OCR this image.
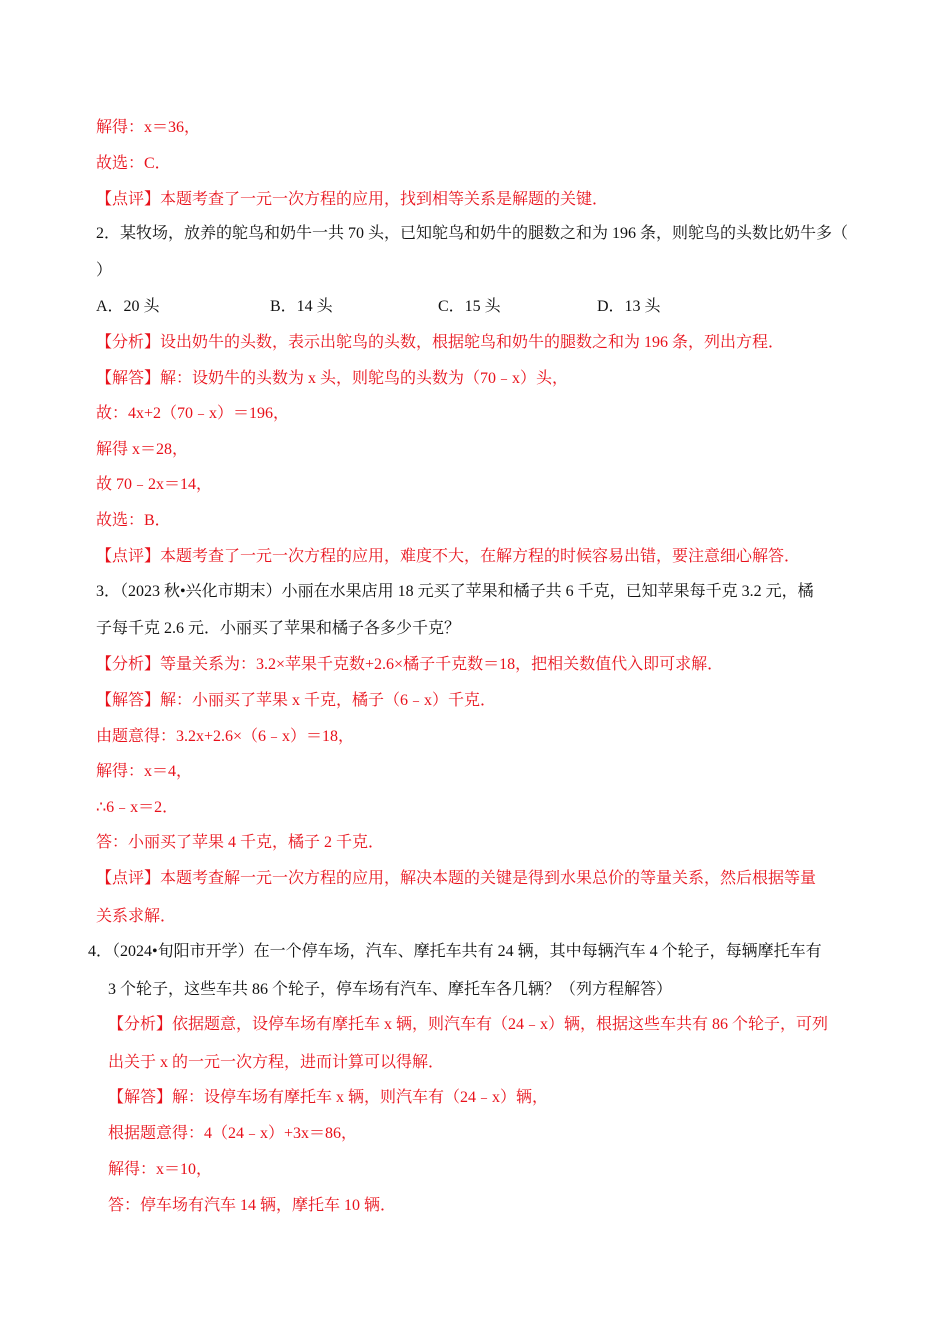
解得：x＝36，
故选：C．
【点评】本题考查了一元一次方程的应用，找到相等关系是解题的关键．
2．某牧场，放养的鸵鸟和奶牛一共 70 头，已知鸵鸟和奶牛的腿数之和为 196 条，则鸵鸟的头数比奶牛多（
）
A．20 头	B．14 头	C．15 头	D．13 头
【分析】设出奶牛的头数，表示出鸵鸟的头数，根据鸵鸟和奶牛的腿数之和为 196 条，列出方程．
【解答】解：设奶牛的头数为 x 头，则鸵鸟的头数为（70﹣x）头，
故：4x+2（70﹣x）＝196，
解得 x＝28，
故 70﹣2x＝14，
故选：B．
【点评】本题考查了一元一次方程的应用，难度不大，在解方程的时候容易出错，要注意细心解答．
3．（2023 秋•兴化市期末）小丽在水果店用 18 元买了苹果和橘子共 6 千克，已知苹果每千克 3.2 元，橘
子每千克 2.6 元．小丽买了苹果和橘子各多少千克？
【分析】等量关系为：3.2×苹果千克数+2.6×橘子千克数＝18，把相关数值代入即可求解．
【解答】解：小丽买了苹果 x 千克，橘子（6﹣x）千克．
由题意得：3.2x+2.6×（6﹣x）＝18，
解得：x＝4，
∴6﹣x＝2．
答：小丽买了苹果 4 千克，橘子 2 千克．
【点评】本题考查解一元一次方程的应用，解决本题的关键是得到水果总价的等量关系，然后根据等量
关系求解．
4．（2024•旬阳市开学）在一个停车场，汽车、摩托车共有 24 辆，其中每辆汽车 4 个轮子，每辆摩托车有
3 个轮子，这些车共 86 个轮子，停车场有汽车、摩托车各几辆？（列方程解答）
【分析】依据题意，设停车场有摩托车 x 辆，则汽车有（24﹣x）辆，根据这些车共有 86 个轮子，可列
出关于 x 的一元一次方程，进而计算可以得解．
【解答】解：设停车场有摩托车 x 辆，则汽车有（24﹣x）辆，
根据题意得：4（24﹣x）+3x＝86，
解得：x＝10，
答：停车场有汽车 14 辆，摩托车 10 辆．
